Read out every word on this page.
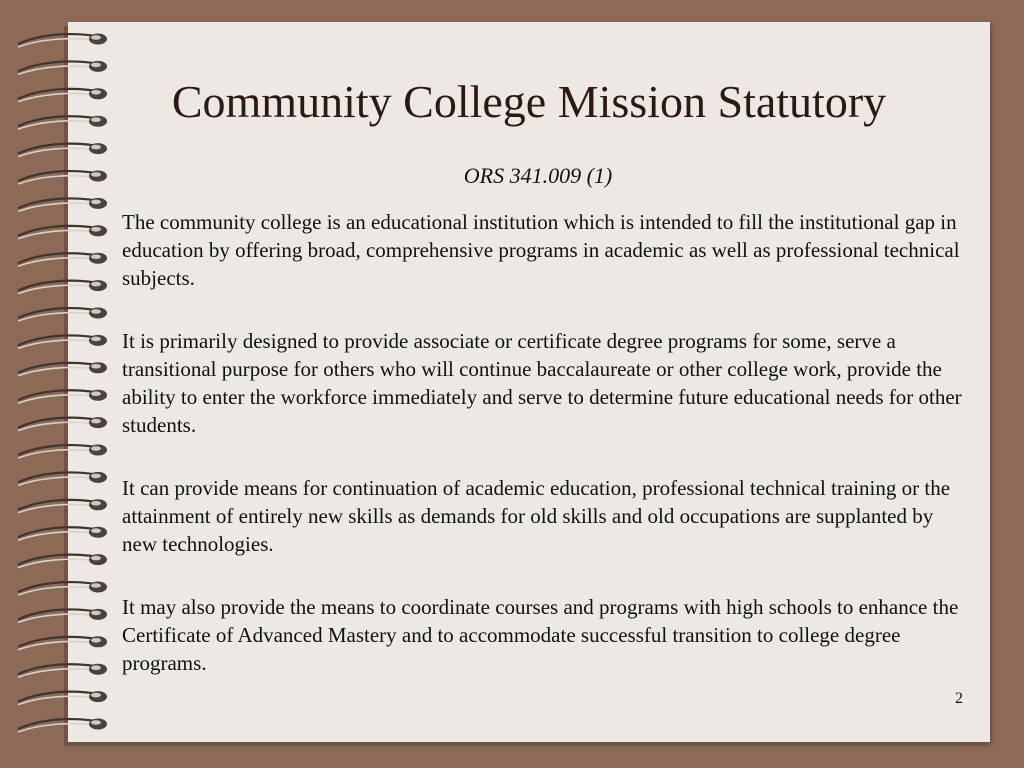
Community College Mission Statutory
ORS 341.009 (1)

The community college is an educational institution which is intended to fill the institutional gap in education by offering broad, comprehensive programs in academic as well as professional technical subjects.

It is primarily designed to provide associate or certificate degree programs for some, serve a transitional purpose for others who will continue baccalaureate or other college work, provide the ability to enter the workforce immediately and serve to determine future educational needs for other students.

It can provide means for continuation of academic education, professional technical training or the attainment of entirely new skills as demands for old skills and old occupations are supplanted by new technologies.

It may also provide the means to coordinate courses and programs with high schools to enhance the Certificate of Advanced Mastery and to accommodate successful transition to college degree programs.

2
